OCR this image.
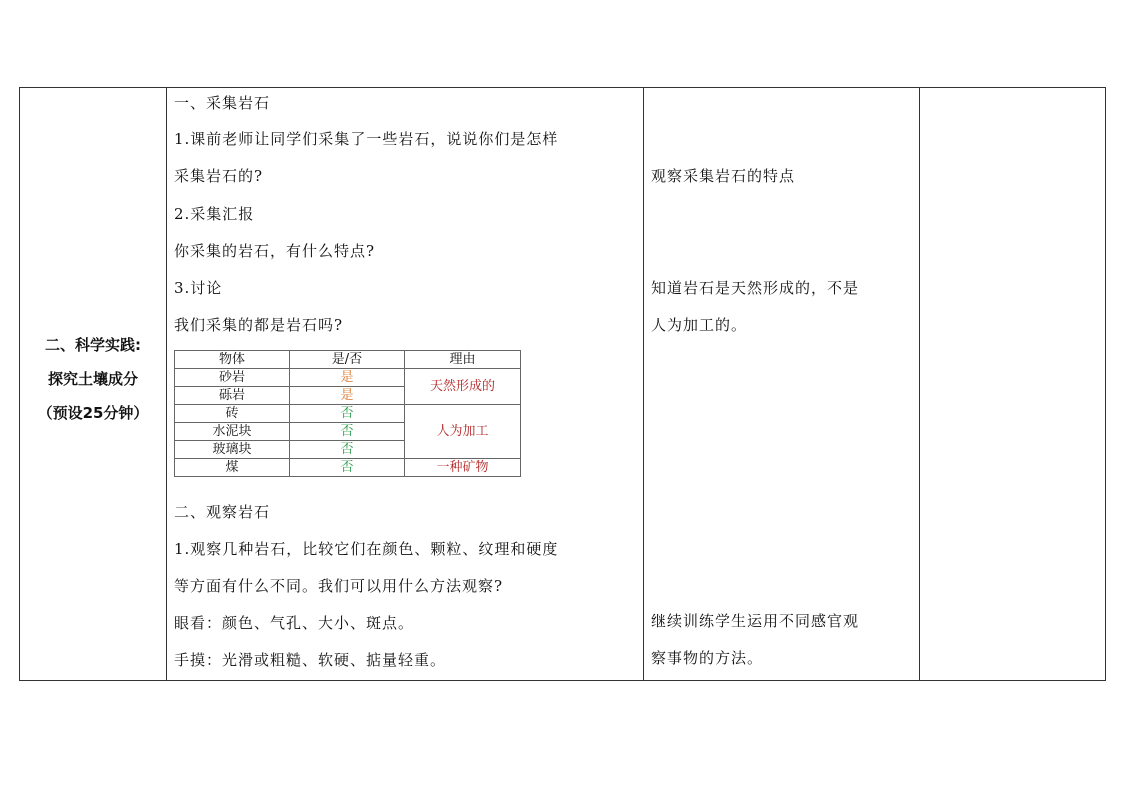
二、科学实践:
探究土壤成分
（预设25分钟）

一、采集岩石
1.课前老师让同学们采集了一些岩石，说说你们是怎样
采集岩石的?
2.采集汇报
你采集的岩石，有什么特点?
3.讨论
我们采集的都是岩石吗?
物体	是/否	理由
砂岩	是	天然形成的
砾岩	是
砖	否	人为加工
水泥块	否
玻璃块	否
煤	否	一种矿物
二、观察岩石
1.观察几种岩石，比较它们在颜色、颗粒、纹理和硬度
等方面有什么不同。我们可以用什么方法观察?
眼看：颜色、气孔、大小、斑点。
手摸：光滑或粗糙、软硬、掂量轻重。

观察采集岩石的特点
知道岩石是天然形成的，不是
人为加工的。
继续训练学生运用不同感官观
察事物的方法。
